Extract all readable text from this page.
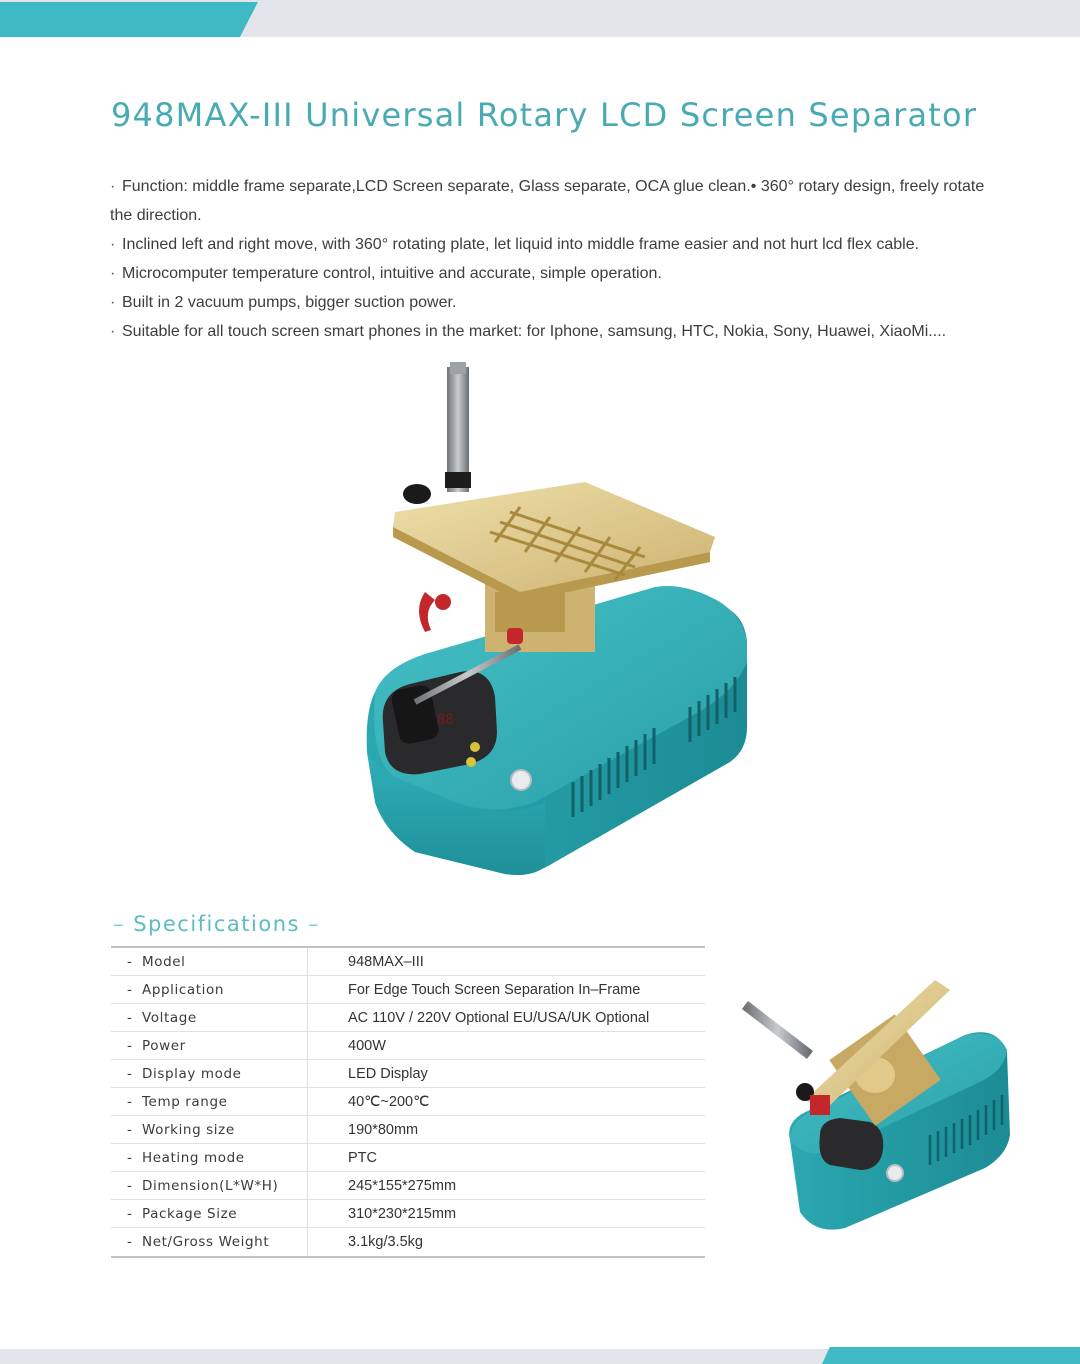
948MAX-III Universal Rotary LCD Screen Separator
· Function: middle frame separate,LCD Screen separate, Glass separate, OCA glue clean.• 360° rotary design, freely rotate
the direction.
· Inclined left and right move, with 360° rotating plate, let liquid into middle frame easier and not hurt lcd flex cable.
· Microcomputer temperature control, intuitive and accurate, simple operation.
· Built in 2 vacuum pumps, bigger suction power.
· Suitable for all touch screen smart phones in the market: for Iphone, samsung, HTC, Nokia, Sony, Huawei, XiaoMi....
88
– Specifications –
- Model	948MAX–III
- Application	For Edge Touch Screen Separation In–Frame
- Voltage	AC 110V / 220V Optional EU/USA/UK Optional
- Power	400W
- Display mode	LED Display
- Temp range	40℃~200℃
- Working size	190*80mm
- Heating mode	PTC
- Dimension(L*W*H)	245*155*275mm
- Package Size	310*230*215mm
- Net/Gross Weight	3.1kg/3.5kg
